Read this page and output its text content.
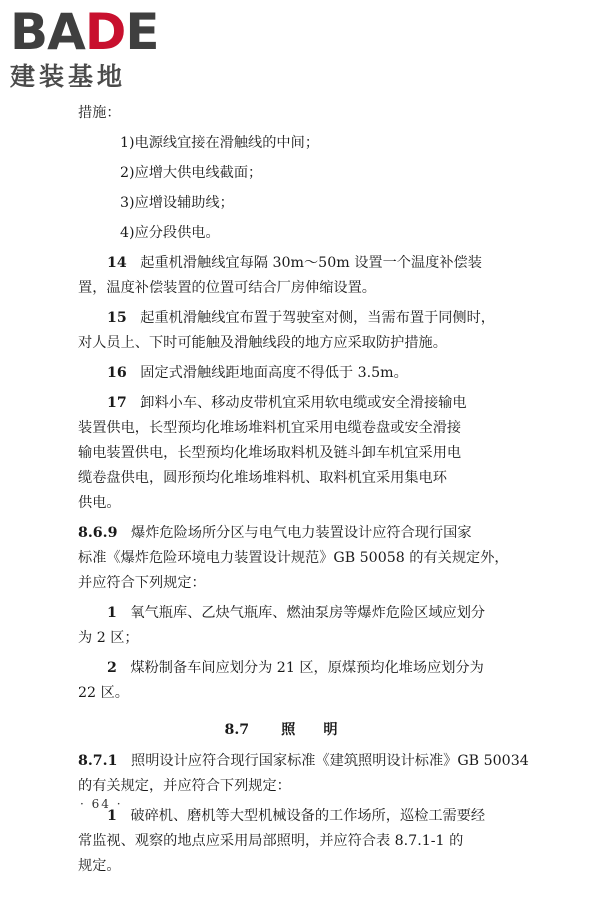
BADE
建装基地
措施：
1)电源线宜接在滑触线的中间；
2)应增大供电线截面；
3)应增设辅助线；
4)应分段供电。
14 起重机滑触线宜每隔 30m～50m 设置一个温度补偿装
置，温度补偿装置的位置可结合厂房伸缩设置。
15 起重机滑触线宜布置于驾驶室对侧，当需布置于同侧时，
对人员上、下时可能触及滑触线段的地方应采取防护措施。
16 固定式滑触线距地面高度不得低于 3.5m。
17 卸料小车、移动皮带机宜采用软电缆或安全滑接输电
装置供电，长型预均化堆场堆料机宜采用电缆卷盘或安全滑接
输电装置供电，长型预均化堆场取料机及链斗卸车机宜采用电
缆卷盘供电，圆形预均化堆场堆料机、取料机宜采用集电环
供电。
8.6.9 爆炸危险场所分区与电气电力装置设计应符合现行国家
标准《爆炸危险环境电力装置设计规范》GB 50058 的有关规定外，
并应符合下列规定：
1 氧气瓶库、乙炔气瓶库、燃油泵房等爆炸危险区域应划分
为 2 区；
2 煤粉制备车间应划分为 21 区，原煤预均化堆场应划分为
22 区。
8.7 照 明
8.7.1 照明设计应符合现行国家标准《建筑照明设计标准》GB 50034
的有关规定，并应符合下列规定：
1 破碎机、磨机等大型机械设备的工作场所，巡检工需要经
常监视、观察的地点应采用局部照明，并应符合表 8.7.1-1 的
规定。
· 64 ·
